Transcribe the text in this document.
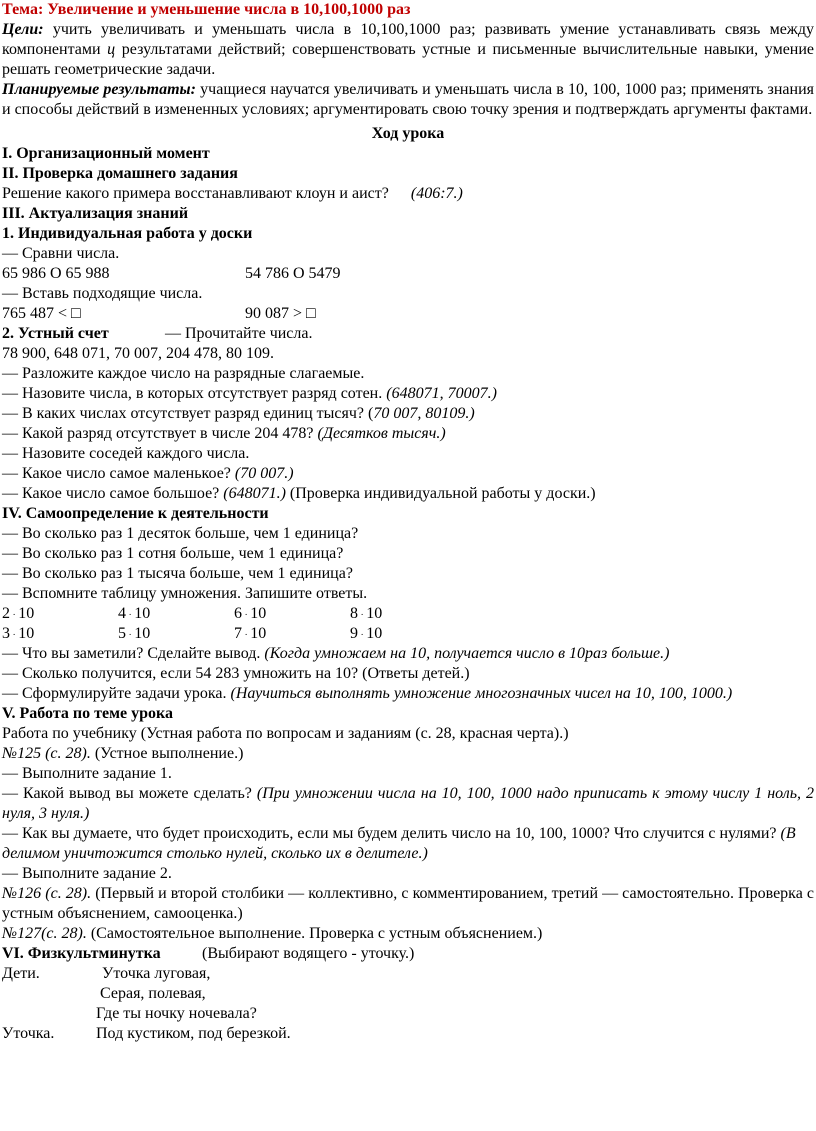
Тема: Увеличение и уменьшение числа в 10,100,1000 раз
Цели: учить увеличивать и уменьшать числа в 10,100,1000 раз; развивать умение устанавливать связь между компонентами ц результатами действий; совершенствовать устные и письменные вычислительные навыки, умение решать геометрические задачи.
Планируемые результаты: учащиеся научатся увеличивать и уменьшать числа в 10, 100, 1000 раз; применять знания и способы действий в измененных условиях; аргументировать свою точку зрения и подтверждать аргументы фактами.
Ход урока
I. Организационный момент
II. Проверка домашнего задания
Решение какого примера восстанавливают клоун и аист? (406:7.)
III. Актуализация знаний
1. Индивидуальная работа у доски
— Сравни числа.
65 986 О 65 988	54 786 О 5479
— Вставь подходящие числа.
765 487 < □	90 087 > □
2. Устный счет	— Прочитайте числа.
78 900, 648 071, 70 007, 204 478, 80 109.
— Разложите каждое число на разрядные слагаемые.
— Назовите числа, в которых отсутствует разряд сотен. (648071, 70007.)
— В каких числах отсутствует разряд единиц тысяч? (70 007, 80109.)
— Какой разряд отсутствует в числе 204 478? (Десятков тысяч.)
— Назовите соседей каждого числа.
— Какое число самое маленькое? (70 007.)
— Какое число самое большое? (648071.) (Проверка индивидуальной работы у доски.)
IV. Самоопределение к деятельности
— Во сколько раз 1 десяток больше, чем 1 единица?
— Во сколько раз 1 сотня больше, чем 1 единица?
— Во сколько раз 1 тысяча больше, чем 1 единица?
— Вспомните таблицу умножения. Запишите ответы.
2 . 10	4 . 10	6 . 10	8 . 10
3 . 10	5 . 10	7 . 10	9 . 10
— Что вы заметили? Сделайте вывод. (Когда умножаем на 10, получается число в 10раз больше.)
— Сколько получится, если 54 283 умножить на 10? (Ответы детей.)
— Сформулируйте задачи урока. (Научиться выполнять умножение многозначных чисел на 10, 100, 1000.)
V. Работа по теме урока
Работа по учебнику (Устная работа по вопросам и заданиям (с. 28, красная черта).)
№125 (с. 28). (Устное выполнение.)
— Выполните задание 1.
— Какой вывод вы можете сделать? (При умножении числа на 10, 100, 1000 надо приписать к этому числу 1 ноль, 2 нуля, 3 нуля.)
— Как вы думаете, что будет происходить, если мы будем делить число на 10, 100, 1000? Что случится с нулями? (В делимом уничтожится столько нулей, сколько их в делителе.)
— Выполните задание 2.
№126 (с. 28). (Первый и второй столбики — коллективно, с комментированием, третий — самостоятельно. Проверка с устным объяснением, самооценка.)
№127(с. 28). (Самостоятельное выполнение. Проверка с устным объяснением.)
VI. Физкультминутка	(Выбирают водящего - уточку.)
Дети.	Уточка луговая,
Серая, полевая,
Где ты ночку ночевала?
Уточка.	Под кустиком, под березкой.
